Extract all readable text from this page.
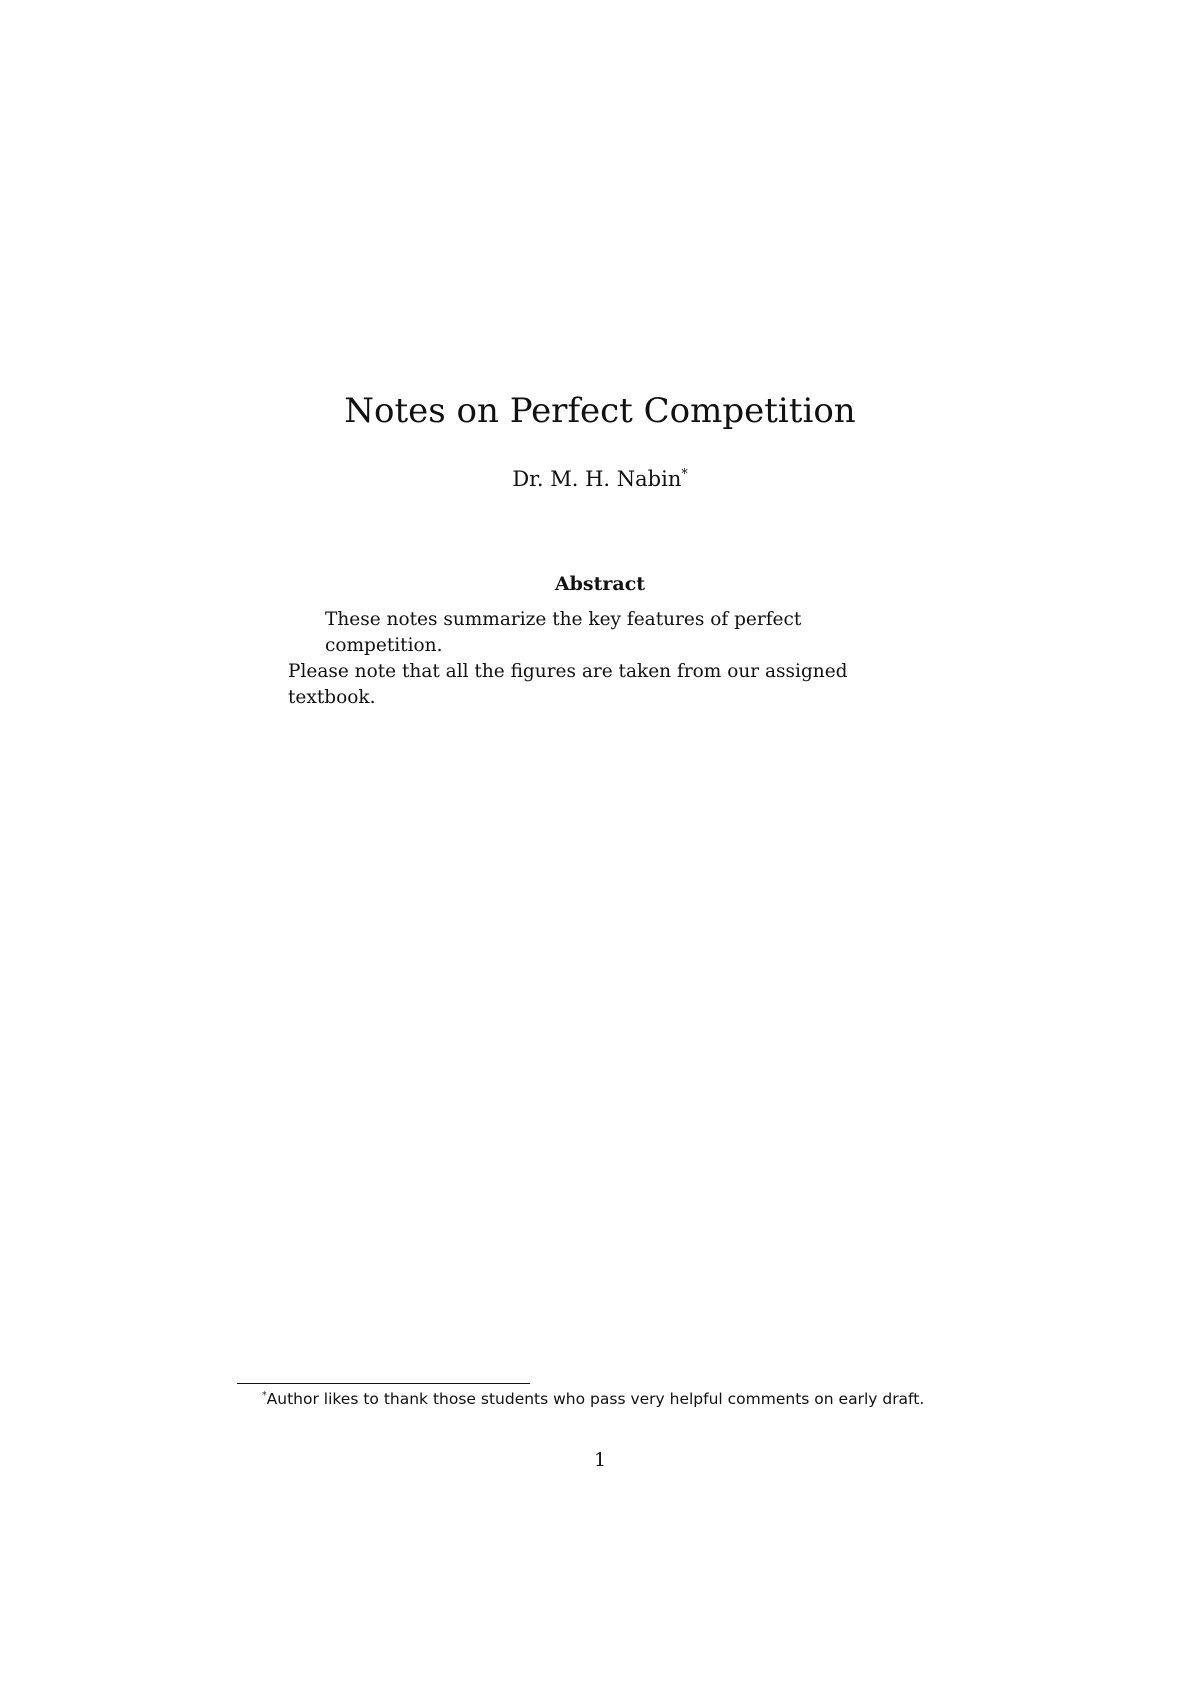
Notes on Perfect Competition
Dr. M. H. Nabin*
Abstract
These notes summarize the key features of perfect competition.
Please note that all the figures are taken from our assigned textbook.
*Author likes to thank those students who pass very helpful comments on early draft.
1
